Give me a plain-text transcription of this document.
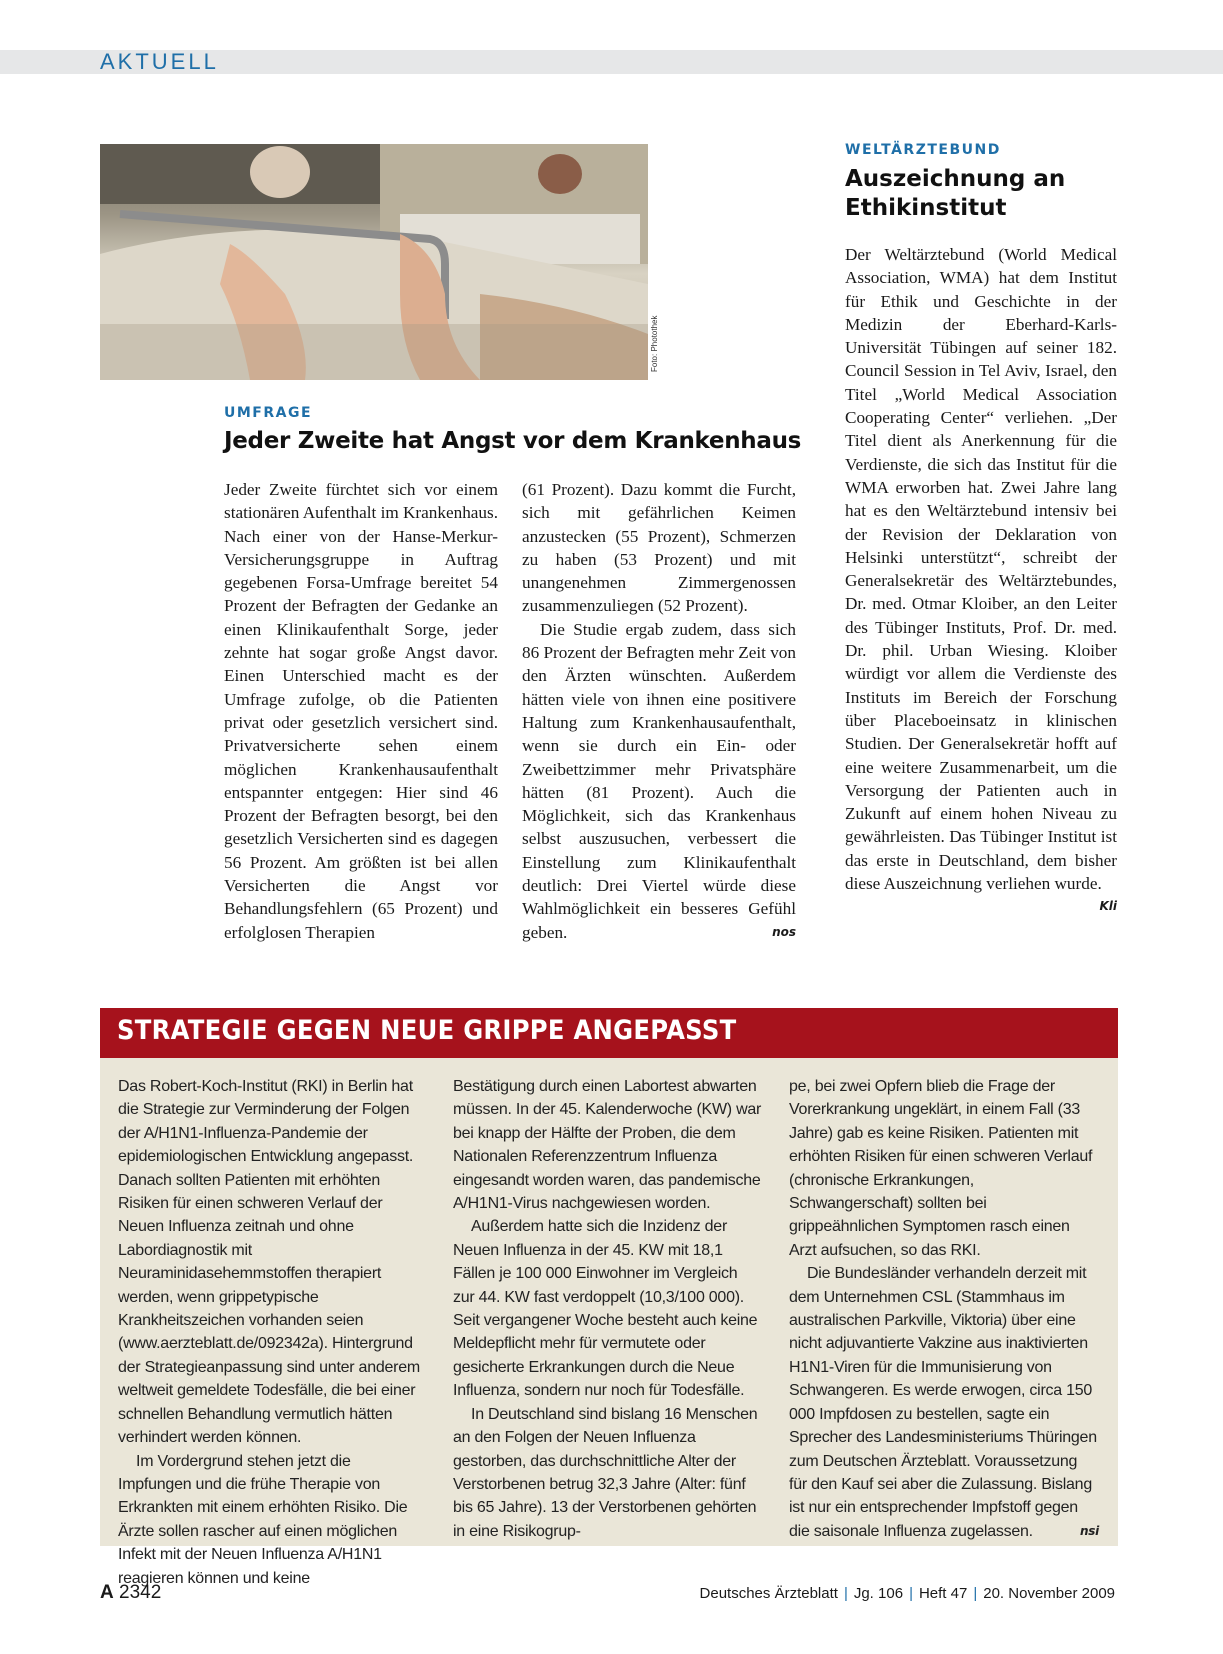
AKTUELL
Foto: Photothek
UMFRAGE
Jeder Zweite hat Angst vor dem Krankenhaus

Jeder Zweite fürchtet sich vor einem stationären Aufenthalt im Krankenhaus. Nach einer von der Hanse-Merkur-Versicherungsgruppe in Auftrag gegebenen Forsa-Umfrage bereitet 54 Prozent der Befragten der Gedanke an einen Klinikaufenthalt Sorge, jeder zehnte hat sogar große Angst davor. Einen Unterschied macht es der Umfrage zufolge, ob die Patienten privat oder gesetzlich versichert sind. Privatversicherte sehen einem möglichen Krankenhausaufenthalt entspannter entgegen: Hier sind 46 Prozent der Befragten besorgt, bei den gesetzlich Versicherten sind es dagegen 56 Prozent. Am größten ist bei allen Versicherten die Angst vor Behandlungsfehlern (65 Prozent) und erfolglosen Therapien

(61 Prozent). Dazu kommt die Furcht, sich mit gefährlichen Keimen anzustecken (55 Prozent), Schmerzen zu haben (53 Prozent) und mit unangenehmen Zimmergenossen zusammenzuliegen (52 Prozent).

Die Studie ergab zudem, dass sich 86 Prozent der Befragten mehr Zeit von den Ärzten wünschten. Außerdem hätten viele von ihnen eine positivere Haltung zum Krankenhausaufenthalt, wenn sie durch ein Ein- oder Zweibettzimmer mehr Privatsphäre hätten (81 Prozent). Auch die Möglichkeit, sich das Krankenhaus selbst auszusuchen, verbessert die Einstellung zum Klinikaufenthalt deutlich: Drei Viertel würde diese Wahlmöglichkeit ein besseres Gefühl geben.	nos

WELTÄRZTEBUND
Auszeichnung an Ethikinstitut

Der Weltärztebund (World Medical Association, WMA) hat dem Institut für Ethik und Geschichte in der Medizin der Eberhard-Karls-Universität Tübingen auf seiner 182. Council Session in Tel Aviv, Israel, den Titel „World Medical Association Cooperating Center“ verliehen. „Der Titel dient als Anerkennung für die Verdienste, die sich das Institut für die WMA erworben hat. Zwei Jahre lang hat es den Weltärztebund intensiv bei der Revision der Deklaration von Helsinki unterstützt“, schreibt der Generalsekretär des Weltärztebundes, Dr. med. Otmar Kloiber, an den Leiter des Tübinger Instituts, Prof. Dr. med. Dr. phil. Urban Wiesing. Kloiber würdigt vor allem die Verdienste des Instituts im Bereich der Forschung über Placeboeinsatz in klinischen Studien. Der Generalsekretär hofft auf eine weitere Zusammenarbeit, um die Versorgung der Patienten auch in Zukunft auf einem hohen Niveau zu gewährleisten. Das Tübinger Institut ist das erste in Deutschland, dem bisher diese Auszeichnung verliehen wurde.
Kli

STRATEGIE GEGEN NEUE GRIPPE ANGEPASST

Das Robert-Koch-Institut (RKI) in Berlin hat die Strategie zur Verminderung der Folgen der A/H1N1-Influenza-Pandemie der epidemiologischen Entwicklung angepasst. Danach sollten Patienten mit erhöhten Risiken für einen schweren Verlauf der Neuen Influenza zeitnah und ohne Labordiagnostik mit Neuraminidasehemmstoffen therapiert werden, wenn grippetypische Krankheitszeichen vorhanden seien (www.aerzteblatt.de/092342a). Hintergrund der Strategieanpassung sind unter anderem weltweit gemeldete Todesfälle, die bei einer schnellen Behandlung vermutlich hätten verhindert werden können.

Im Vordergrund stehen jetzt die Impfungen und die frühe Therapie von Erkrankten mit einem erhöhten Risiko. Die Ärzte sollen rascher auf einen möglichen Infekt mit der Neuen Influenza A/H1N1 reagieren können und keine

Bestätigung durch einen Labortest abwarten müssen. In der 45. Kalenderwoche (KW) war bei knapp der Hälfte der Proben, die dem Nationalen Referenzzentrum Influenza eingesandt worden waren, das pandemische A/H1N1-Virus nachgewiesen worden.

Außerdem hatte sich die Inzidenz der Neuen Influenza in der 45. KW mit 18,1 Fällen je 100 000 Einwohner im Vergleich zur 44. KW fast verdoppelt (10,3/100 000). Seit vergangener Woche besteht auch keine Meldepflicht mehr für vermutete oder gesicherte Erkrankungen durch die Neue Influenza, sondern nur noch für Todesfälle.

In Deutschland sind bislang 16 Menschen an den Folgen der Neuen Influenza gestorben, das durchschnittliche Alter der Verstorbenen betrug 32,3 Jahre (Alter: fünf bis 65 Jahre). 13 der Verstorbenen gehörten in eine Risikogrup-

pe, bei zwei Opfern blieb die Frage der Vorerkrankung ungeklärt, in einem Fall (33 Jahre) gab es keine Risiken. Patienten mit erhöhten Risiken für einen schweren Verlauf (chronische Erkrankungen, Schwangerschaft) sollten bei grippeähnlichen Symptomen rasch einen Arzt aufsuchen, so das RKI.

Die Bundesländer verhandeln derzeit mit dem Unternehmen CSL (Stammhaus im australischen Parkville, Viktoria) über eine nicht adjuvantierte Vakzine aus inaktivierten H1N1-Viren für die Immunisierung von Schwangeren. Es werde erwogen, circa 150 000 Impfdosen zu bestellen, sagte ein Sprecher des Landesministeriums Thüringen zum Deutschen Ärzteblatt. Voraussetzung für den Kauf sei aber die Zulassung. Bislang ist nur ein entsprechender Impfstoff gegen die saisonale Influenza zugelassen.	nsi

A 2342	Deutsches Ärzteblatt | Jg. 106 | Heft 47 | 20. November 2009
